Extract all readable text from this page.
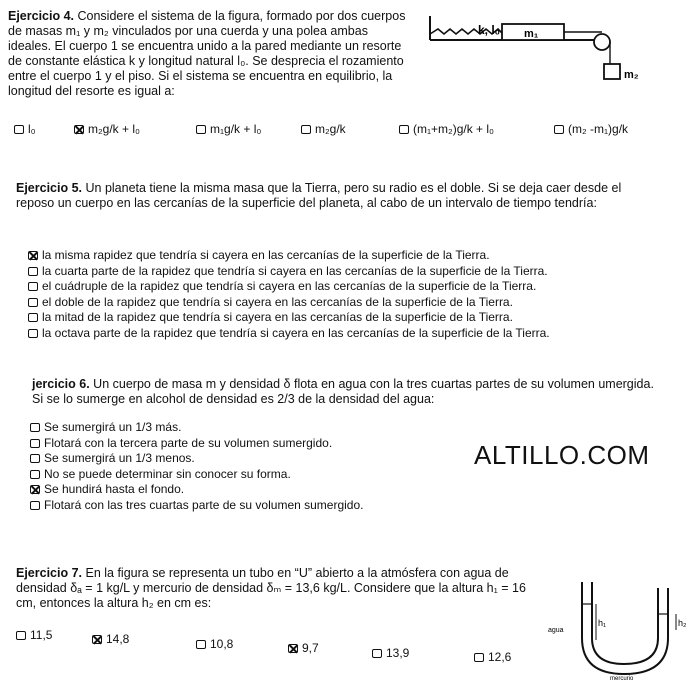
Ejercicio 4. Considere el sistema de la figura, formado por dos cuerpos de masas m₁ y m₂ vinculados por una cuerda y una polea ambas ideales. El cuerpo 1 se encuentra unido a la pared mediante un resorte de constante elástica k y longitud natural l₀. Se desprecia el rozamiento entre el cuerpo 1 y el piso. Si el sistema se encuentra en equilibrio, la longitud del resorte es igual a:
k, l₀ m₁
m₂
l₀	m₂g/k + l₀	m₁g/k + l₀	m₂g/k	(m₁+m₂)g/k + l₀	(m₂ -m₁)g/k
Ejercicio 5. Un planeta tiene la misma masa que la Tierra, pero su radio es el doble. Si se deja caer desde el reposo un cuerpo en las cercanías de la superficie del planeta, al cabo de un intervalo de tiempo tendría:
la misma rapidez que tendría si cayera en las cercanías de la superficie de la Tierra.
la cuarta parte de la rapidez que tendría si cayera en las cercanías de la superficie de la Tierra.
el cuádruple de la rapidez que tendría si cayera en las cercanías de la superficie de la Tierra.
el doble de la rapidez que tendría si cayera en las cercanías de la superficie de la Tierra.
la mitad de la rapidez que tendría si cayera en las cercanías de la superficie de la Tierra.
la octava parte de la rapidez que tendría si cayera en las cercanías de la superficie de la Tierra.
jercicio 6. Un cuerpo de masa m y densidad δ flota en agua con la tres cuartas partes de su volumen umergida. Si se lo sumerge en alcohol de densidad es 2/3 de la densidad del agua:
Se sumergirá un 1/3 más.
Flotará con la tercera parte de su volumen sumergido.
Se sumergirá un 1/3 menos.
No se puede determinar sin conocer su forma.
Se hundirá hasta el fondo.
Flotará con las tres cuartas parte de su volumen sumergido.
ALTILLO.COM
Ejercicio 7. En la figura se representa un tubo en “U” abierto a la atmósfera con agua de densidad δₐ = 1 kg/L y mercurio de densidad δₘ = 13,6 kg/L. Considere que la altura h₁ = 16 cm, entonces la altura h₂ en cm es:
h₁	h₂
agua
mercurio
11,5	14,8	10,8	9,7	13,9	12,6
